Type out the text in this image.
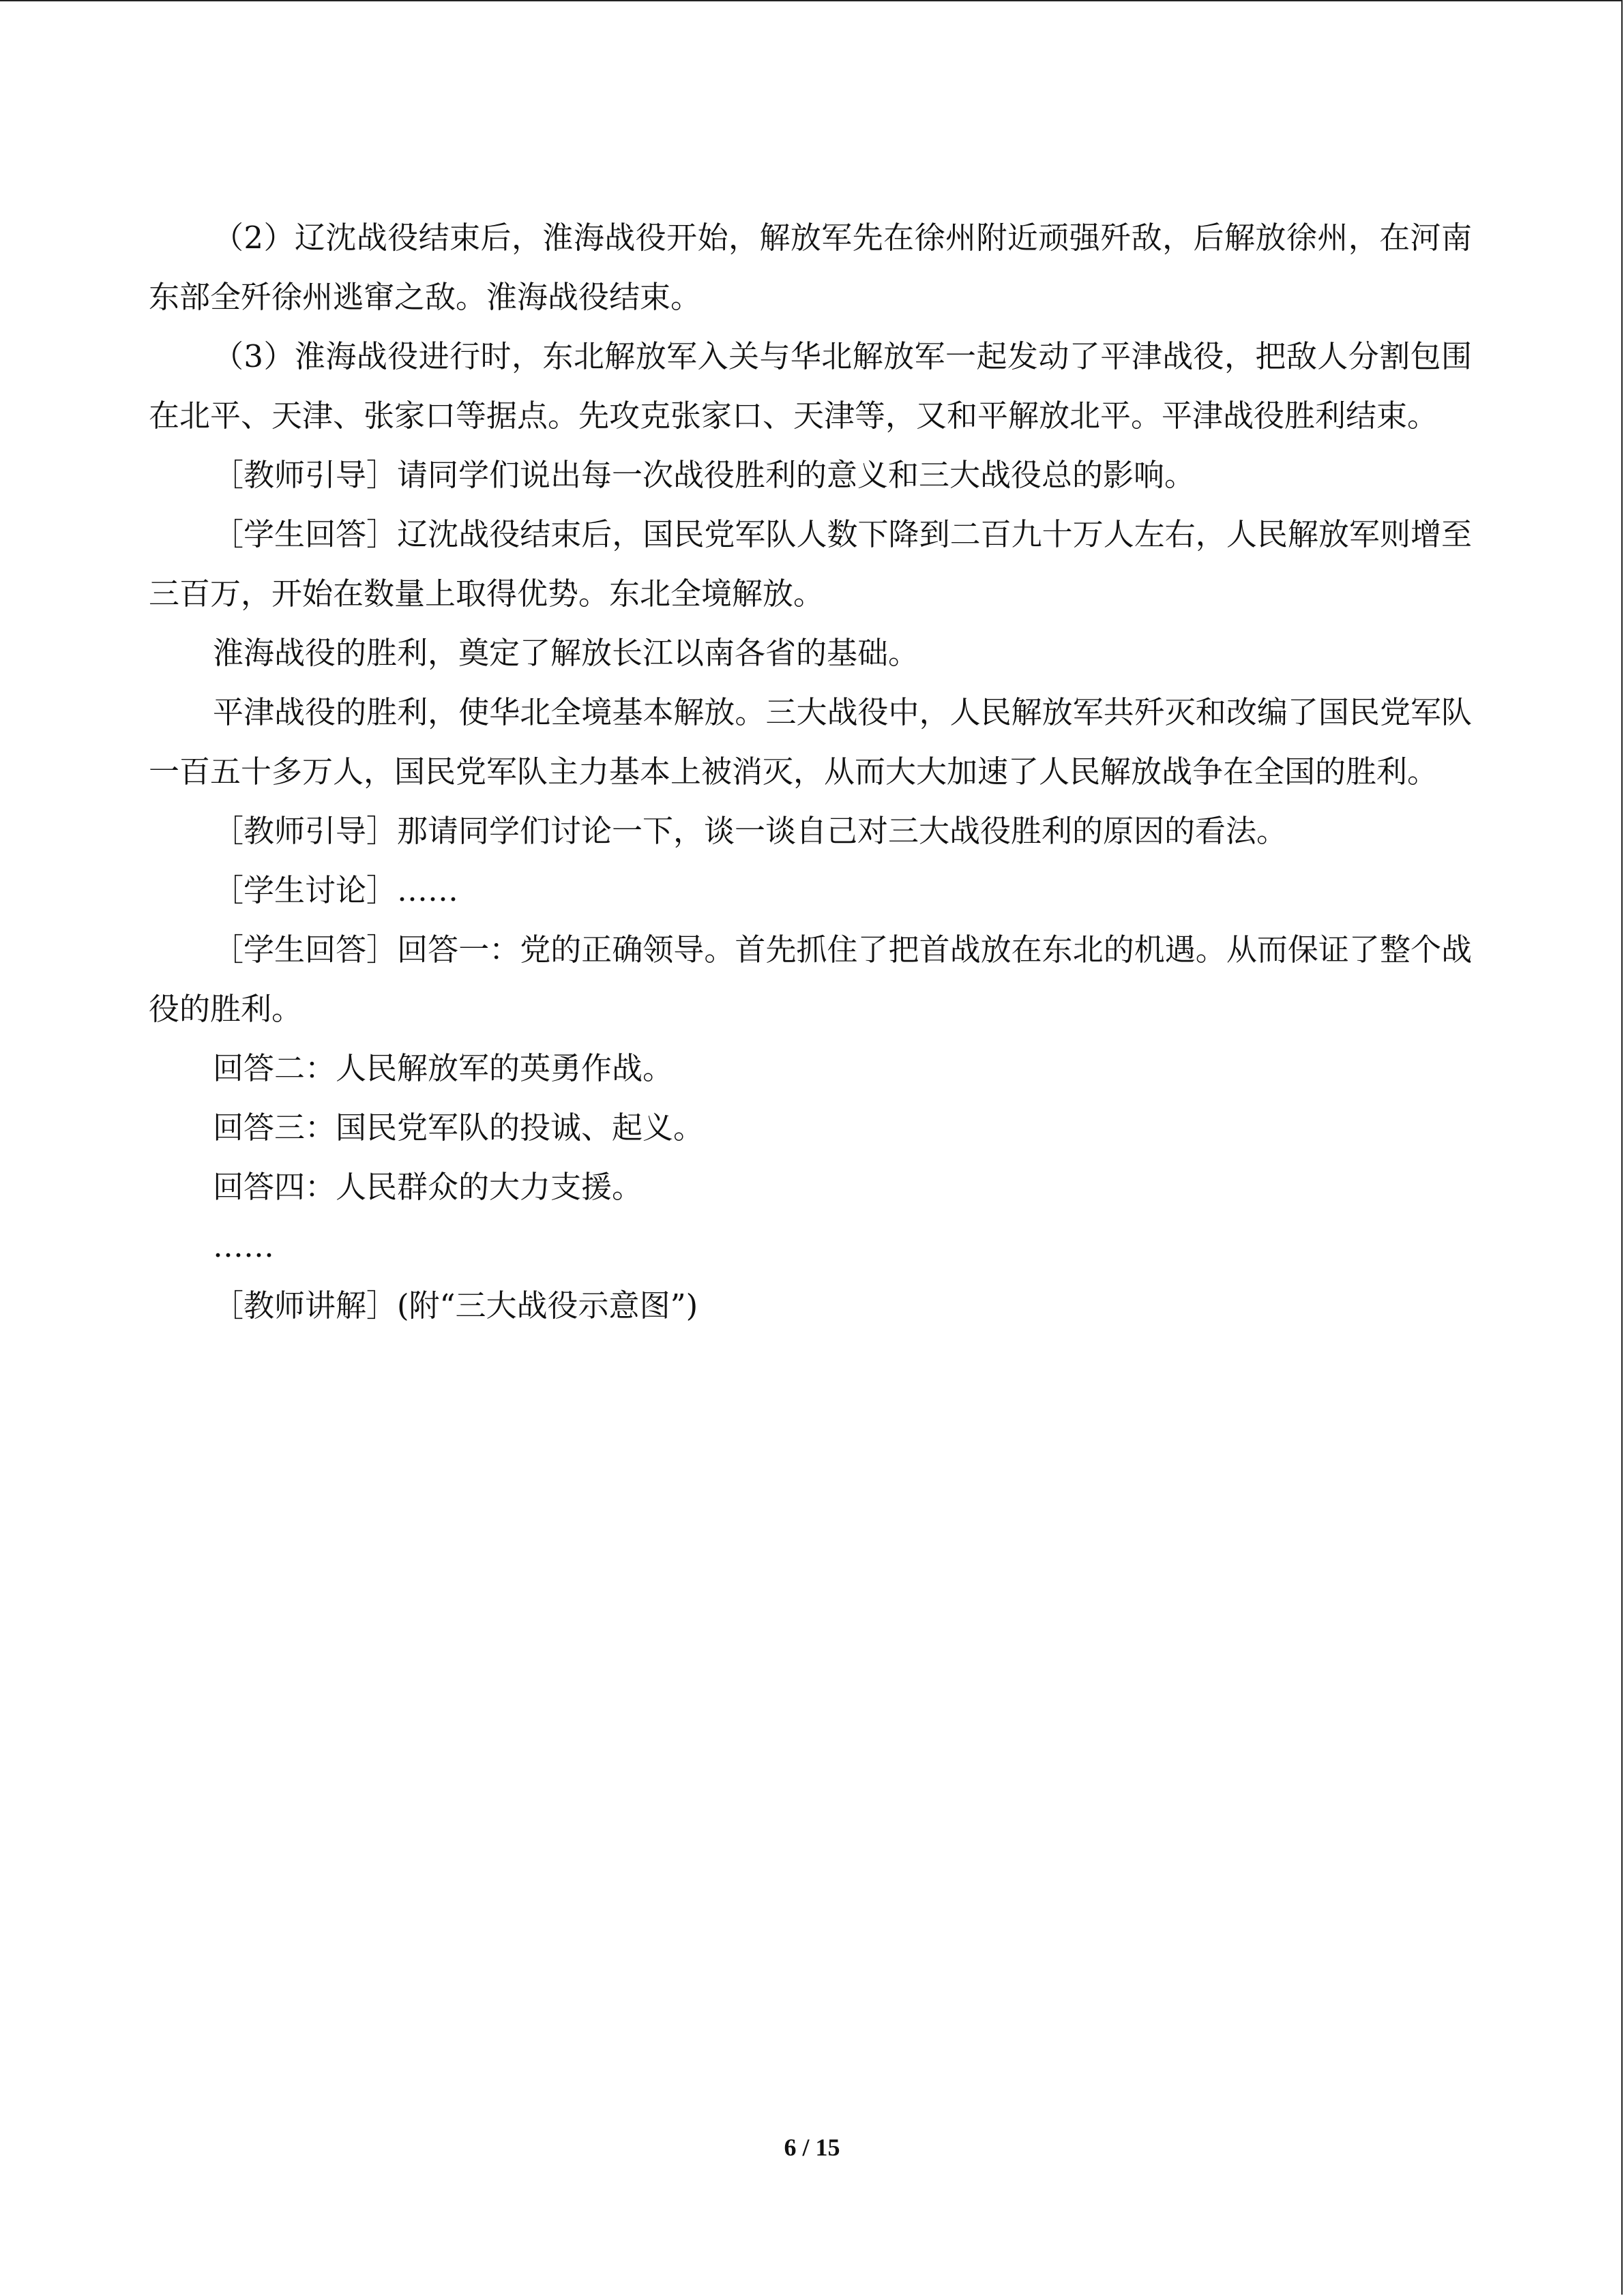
（2）辽沈战役结束后，淮海战役开始，解放军先在徐州附近顽强歼敌，后解放徐州，在河南东部全歼徐州逃窜之敌。淮海战役结束。

（3）淮海战役进行时，东北解放军入关与华北解放军一起发动了平津战役，把敌人分割包围在北平、天津、张家口等据点。先攻克张家口、天津等，又和平解放北平。平津战役胜利结束。

［教师引导］请同学们说出每一次战役胜利的意义和三大战役总的影响。

［学生回答］辽沈战役结束后，国民党军队人数下降到二百九十万人左右，人民解放军则增至三百万，开始在数量上取得优势。东北全境解放。

淮海战役的胜利，奠定了解放长江以南各省的基础。

平津战役的胜利，使华北全境基本解放。三大战役中，人民解放军共歼灭和改编了国民党军队一百五十多万人，国民党军队主力基本上被消灭，从而大大加速了人民解放战争在全国的胜利。

［教师引导］那请同学们讨论一下，谈一谈自己对三大战役胜利的原因的看法。

［学生讨论］……

［学生回答］回答一：党的正确领导。首先抓住了把首战放在东北的机遇。从而保证了整个战役的胜利。

回答二：人民解放军的英勇作战。

回答三：国民党军队的投诚、起义。

回答四：人民群众的大力支援。

……

［教师讲解］(附“三大战役示意图”)

6 / 15
